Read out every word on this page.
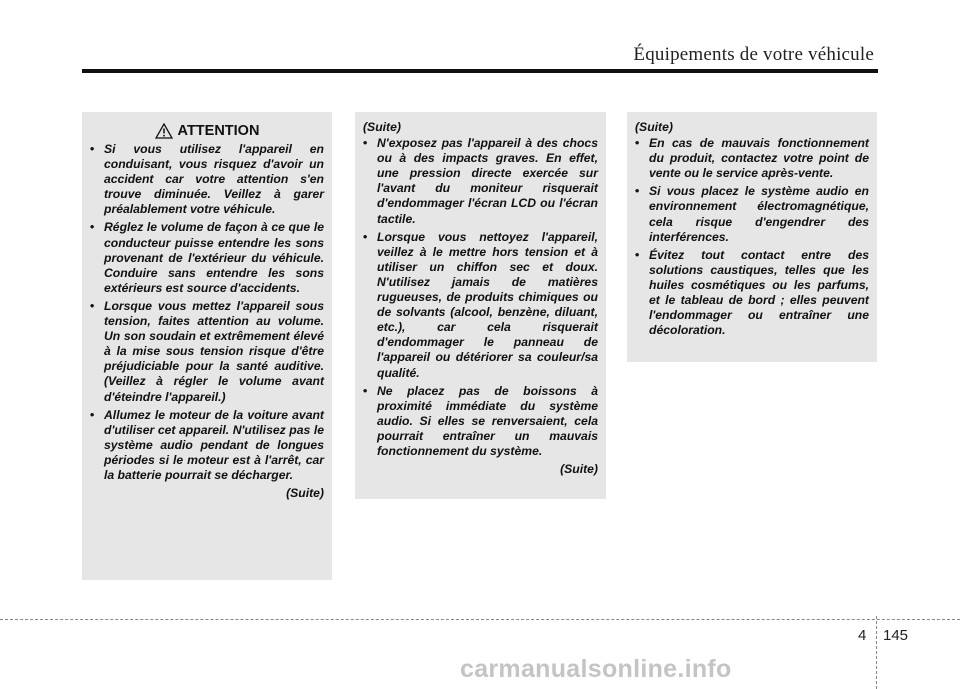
Équipements de votre véhicule
ATTENTION
• Si vous utilisez l'appareil en conduisant, vous risquez d'avoir un accident car votre attention s'en trouve diminuée. Veillez à garer préalablement votre véhicule.
• Réglez le volume de façon à ce que le conducteur puisse entendre les sons provenant de l'extérieur du véhicule. Conduire sans entendre les sons extérieurs est source d'accidents.
• Lorsque vous mettez l'appareil sous tension, faites attention au volume. Un son soudain et extrêmement élevé à la mise sous tension risque d'être préjudiciable pour la santé auditive. (Veillez à régler le volume avant d'éteindre l'appareil.)
• Allumez le moteur de la voiture avant d'utiliser cet appareil. N'utilisez pas le système audio pendant de longues périodes si le moteur est à l'arrêt, car la batterie pourrait se décharger.
(Suite)
(Suite)
• N'exposez pas l'appareil à des chocs ou à des impacts graves. En effet, une pression directe exercée sur l'avant du moniteur risquerait d'endommager l'écran LCD ou l'écran tactile.
• Lorsque vous nettoyez l'appareil, veillez à le mettre hors tension et à utiliser un chiffon sec et doux. N'utilisez jamais de matières rugueuses, de produits chimiques ou de solvants (alcool, benzène, diluant, etc.), car cela risquerait d'endommager le panneau de l'appareil ou détériorer sa couleur/sa qualité.
• Ne placez pas de boissons à proximité immédiate du système audio. Si elles se renversaient, cela pourrait entraîner un mauvais fonctionnement du système.
(Suite)
(Suite)
• En cas de mauvais fonctionnement du produit, contactez votre point de vente ou le service après-vente.
• Si vous placez le système audio en environnement électromagnétique, cela risque d'engendrer des interférences.
• Évitez tout contact entre des solutions caustiques, telles que les huiles cosmétiques ou les parfums, et le tableau de bord ; elles peuvent l'endommager ou entraîner une décoloration.
4 145
carmanualsonline.info
